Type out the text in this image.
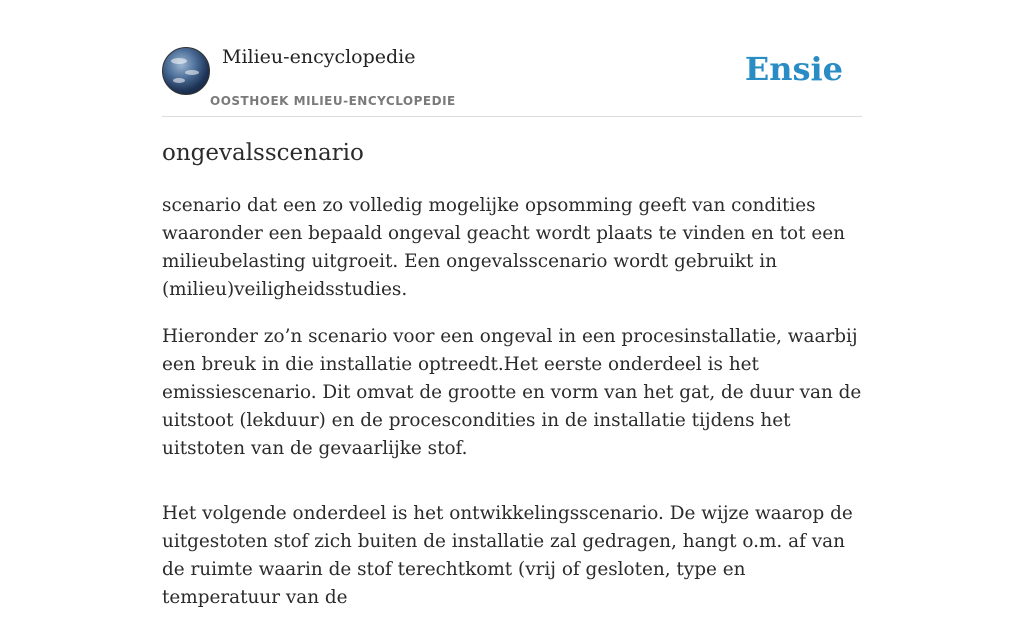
Milieu-encyclopedie
OOSTHOEK MILIEU-ENCYCLOPEDIE
Ensie
ongevalsscenario

scenario dat een zo volledig mogelijke opsomming geeft van condities waaronder een bepaald ongeval geacht wordt plaats te vinden en tot een milieubelasting uitgroeit. Een ongevalsscenario wordt gebruikt in (milieu)veiligheidsstudies.

Hieronder zo’n scenario voor een ongeval in een procesinstallatie, waarbij een breuk in die installatie optreedt.Het eerste onderdeel is het emissiescenario. Dit omvat de grootte en vorm van het gat, de duur van de uitstoot (lekduur) en de procescondities in de installatie tijdens het uitstoten van de gevaarlijke stof.

Het volgende onderdeel is het ontwikkelingsscenario. De wijze waarop de uitgestoten stof zich buiten de installatie zal gedragen, hangt o.m. af van de ruimte waarin de stof terechtkomt (vrij of gesloten, type en temperatuur van de
